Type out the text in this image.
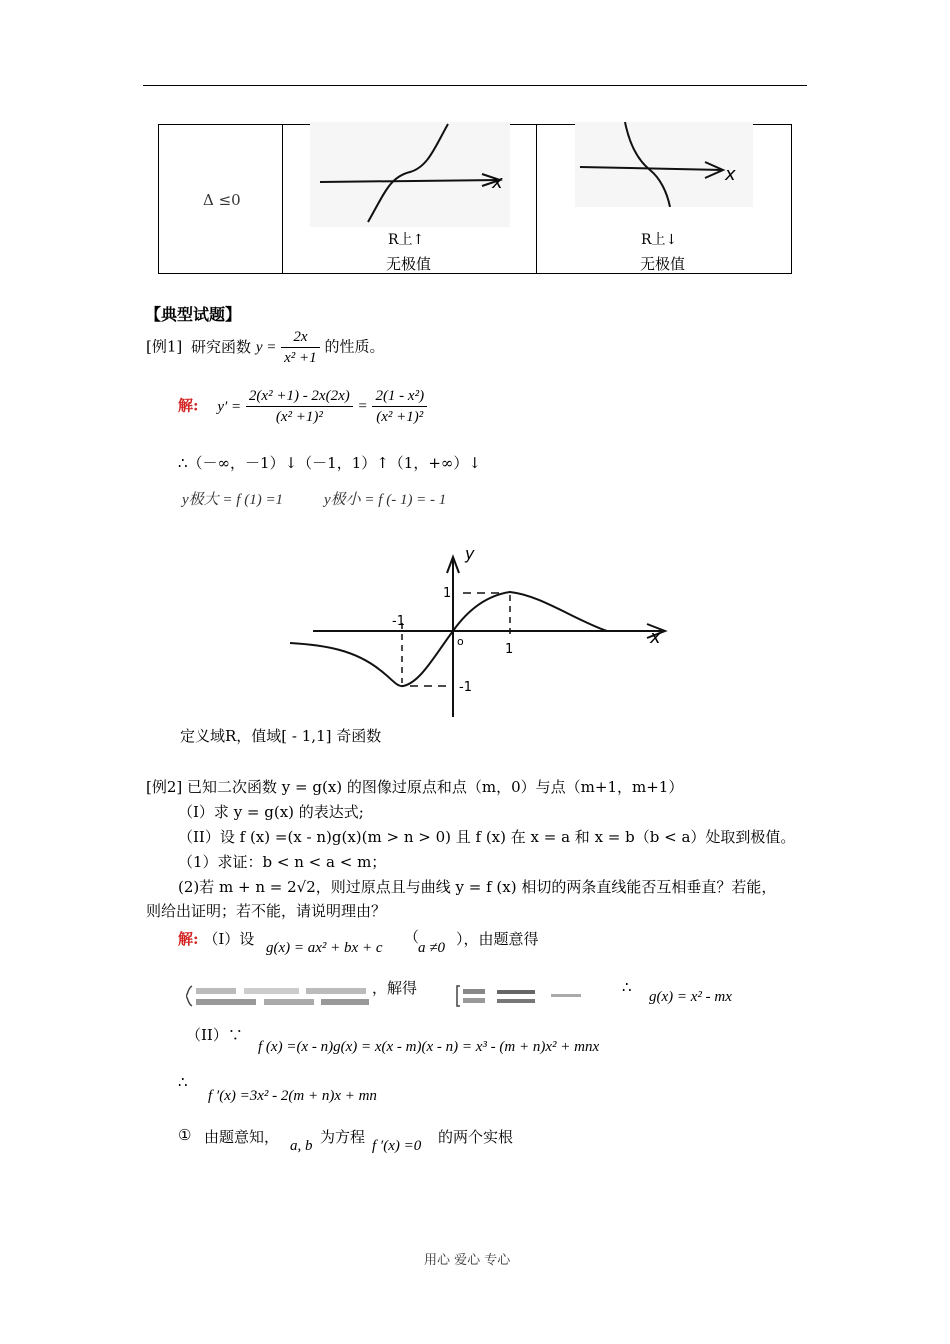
Δ ≤0
x
R上↑
无极值
x
R上↓
无极值
【典型试题】
[例1] 研究函数 $y = \frac{2x}{\text{x² +1}}$ 的性质。
解: $y' = \frac{\text{2(x² +1) - 2x(2x)}}{\text{(x² +1)²}} = \frac{\text{2(1 - x²)}}{\text{(x² +1)²}}$
∴（－∞，－1）↓（－1，1）↑（1，+∞）↓
y极大 = f (1) =1	y极小 = f (- 1) = - 1
y
x
1
-1
1
-1
o
定义域R，值域[ - 1,1] 奇函数
[例2] 已知二次函数 y = g(x) 的图像过原点和点（m，0）与点（m+1，m+1）
（I）求 y = g(x) 的表达式;
（II）设 f (x) =(x - n)g(x)(m > n > 0) 且 f (x) 在 x = a 和 x = b（b < a）处取到极值。
（1）求证：b < n < a < m；
(2)若 m + n = 2√2，则过原点且与曲线 y = f (x) 相切的两条直线能否互相垂直？若能，
则给出证明；若不能，请说明理由？
解: （I）设 g(x) = ax² + bx + c
（
a ≠0 ），由题意得
，解得	∴
g(x) = x² - mx
（II）∵
f (x) =(x - n)g(x) = x(x - m)(x - n) = x³ - (m + n)x² + mnx
∴
f ′(x) =3x² - 2(m + n)x + mn
① 由题意知， a, b 为方程 f ′(x) =0 的两个实根
用心 爱心 专心
